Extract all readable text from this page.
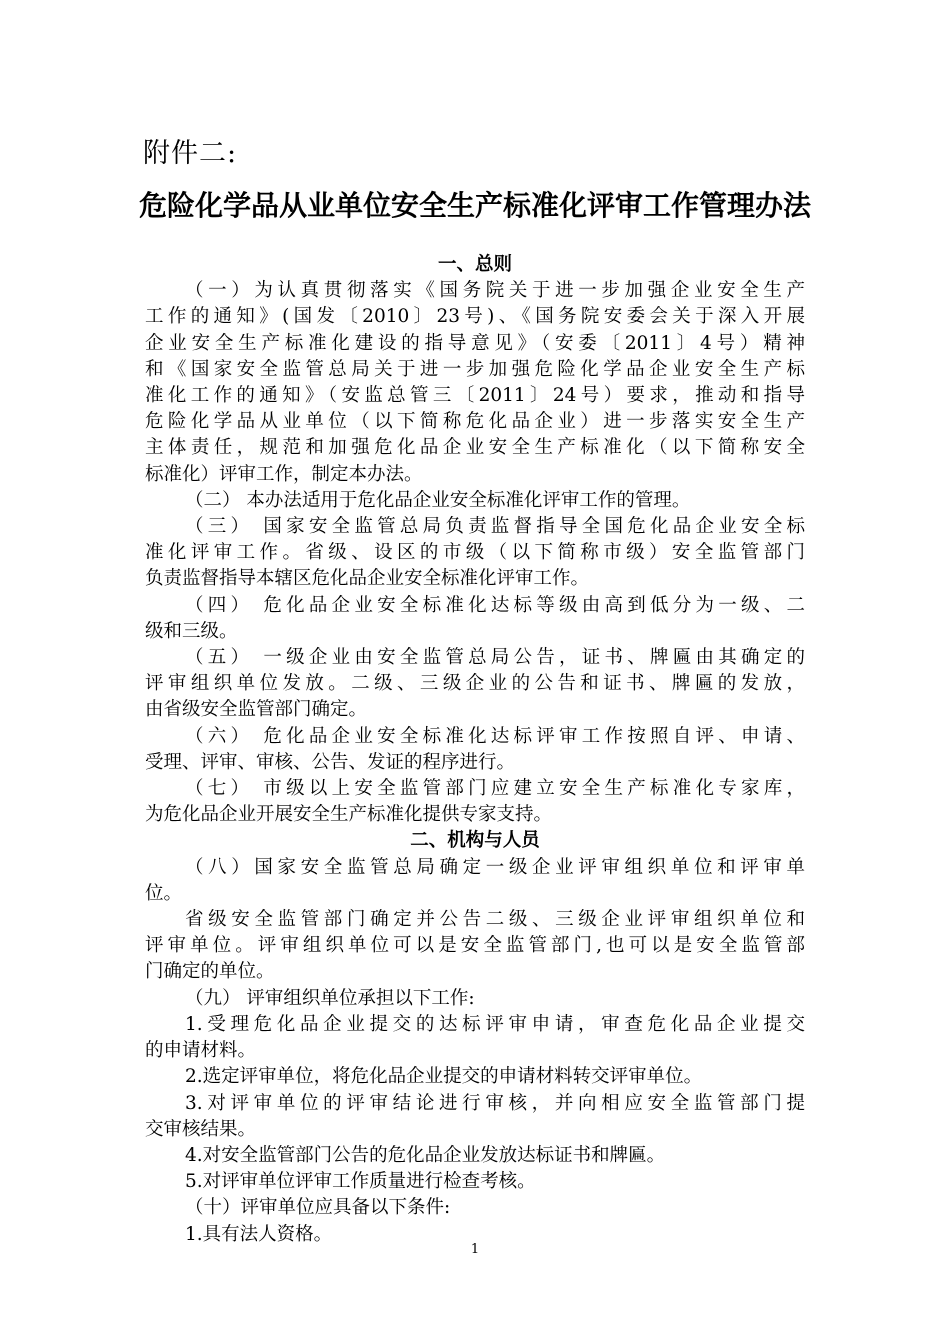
附件二:
危险化学品从业单位安全生产标准化评审工作管理办法
一、总则
（一）为认真贯彻落实《国务院关于进一步加强企业安全生产
工作的通知》(国发〔2010〕23号)、《国务院安委会关于深入开展
企业安全生产标准化建设的指导意见》（安委〔2011〕4号）精神
和《国家安全监管总局关于进一步加强危险化学品企业安全生产标
准化工作的通知》（安监总管三〔2011〕24号）要求，推动和指导
危险化学品从业单位（以下简称危化品企业）进一步落实安全生产
主体责任，规范和加强危化品企业安全生产标准化（以下简称安全
标准化）评审工作，制定本办法。
（二） 本办法适用于危化品企业安全标准化评审工作的管理。
（三） 国家安全监管总局负责监督指导全国危化品企业安全标
准化评审工作。省级、设区的市级（以下简称市级）安全监管部门
负责监督指导本辖区危化品企业安全标准化评审工作。
（四） 危化品企业安全标准化达标等级由高到低分为一级、二
级和三级。
（五） 一级企业由安全监管总局公告，证书、牌匾由其确定的
评审组织单位发放。二级、三级企业的公告和证书、牌匾的发放，
由省级安全监管部门确定。
（六） 危化品企业安全标准化达标评审工作按照自评、申请、
受理、评审、审核、公告、发证的程序进行。
（七） 市级以上安全监管部门应建立安全生产标准化专家库，
为危化品企业开展安全生产标准化提供专家支持。
二、机构与人员
（八）国家安全监管总局确定一级企业评审组织单位和评审单
位。
省级安全监管部门确定并公告二级、三级企业评审组织单位和
评审单位。评审组织单位可以是安全监管部门,也可以是安全监管部
门确定的单位。
（九） 评审组织单位承担以下工作:
1.受理危化品企业提交的达标评审申请，审查危化品企业提交
的申请材料。
2.选定评审单位，将危化品企业提交的申请材料转交评审单位。
3.对评审单位的评审结论进行审核，并向相应安全监管部门提
交审核结果。
4.对安全监管部门公告的危化品企业发放达标证书和牌匾。
5.对评审单位评审工作质量进行检查考核。
（十）评审单位应具备以下条件:
1.具有法人资格。
1
